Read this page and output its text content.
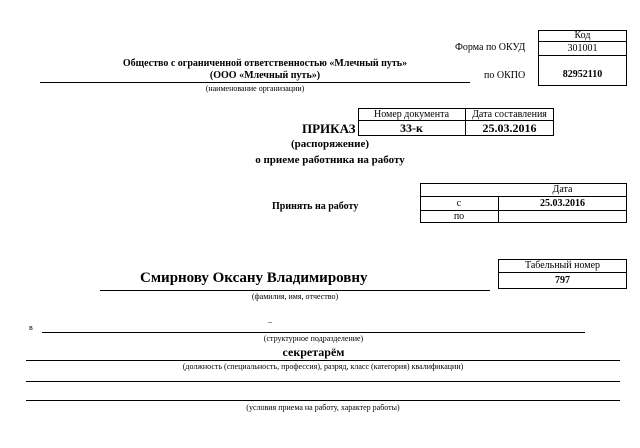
Код
301001
82952110
Форма по ОКУД
по ОКПО
Общество с ограниченной ответственностью «Млечный путь»
(ООО «Млечный путь»)
(наименование организации)
Номер документа	Дата составления
33-к	25.03.2016
ПРИКАЗ
(распоряжение)
о приеме работника на работу
Принять на работу
Дата
с
по
25.03.2016
Смирнову Оксану Владимировну
(фамилия, имя, отчество)
Табельный номер
797
в
–
(структурное подразделение)
секретарём
(должность (специальность, профессия), разряд, класс (категория) квалификации)
(условия приема на работу, характер работы)
